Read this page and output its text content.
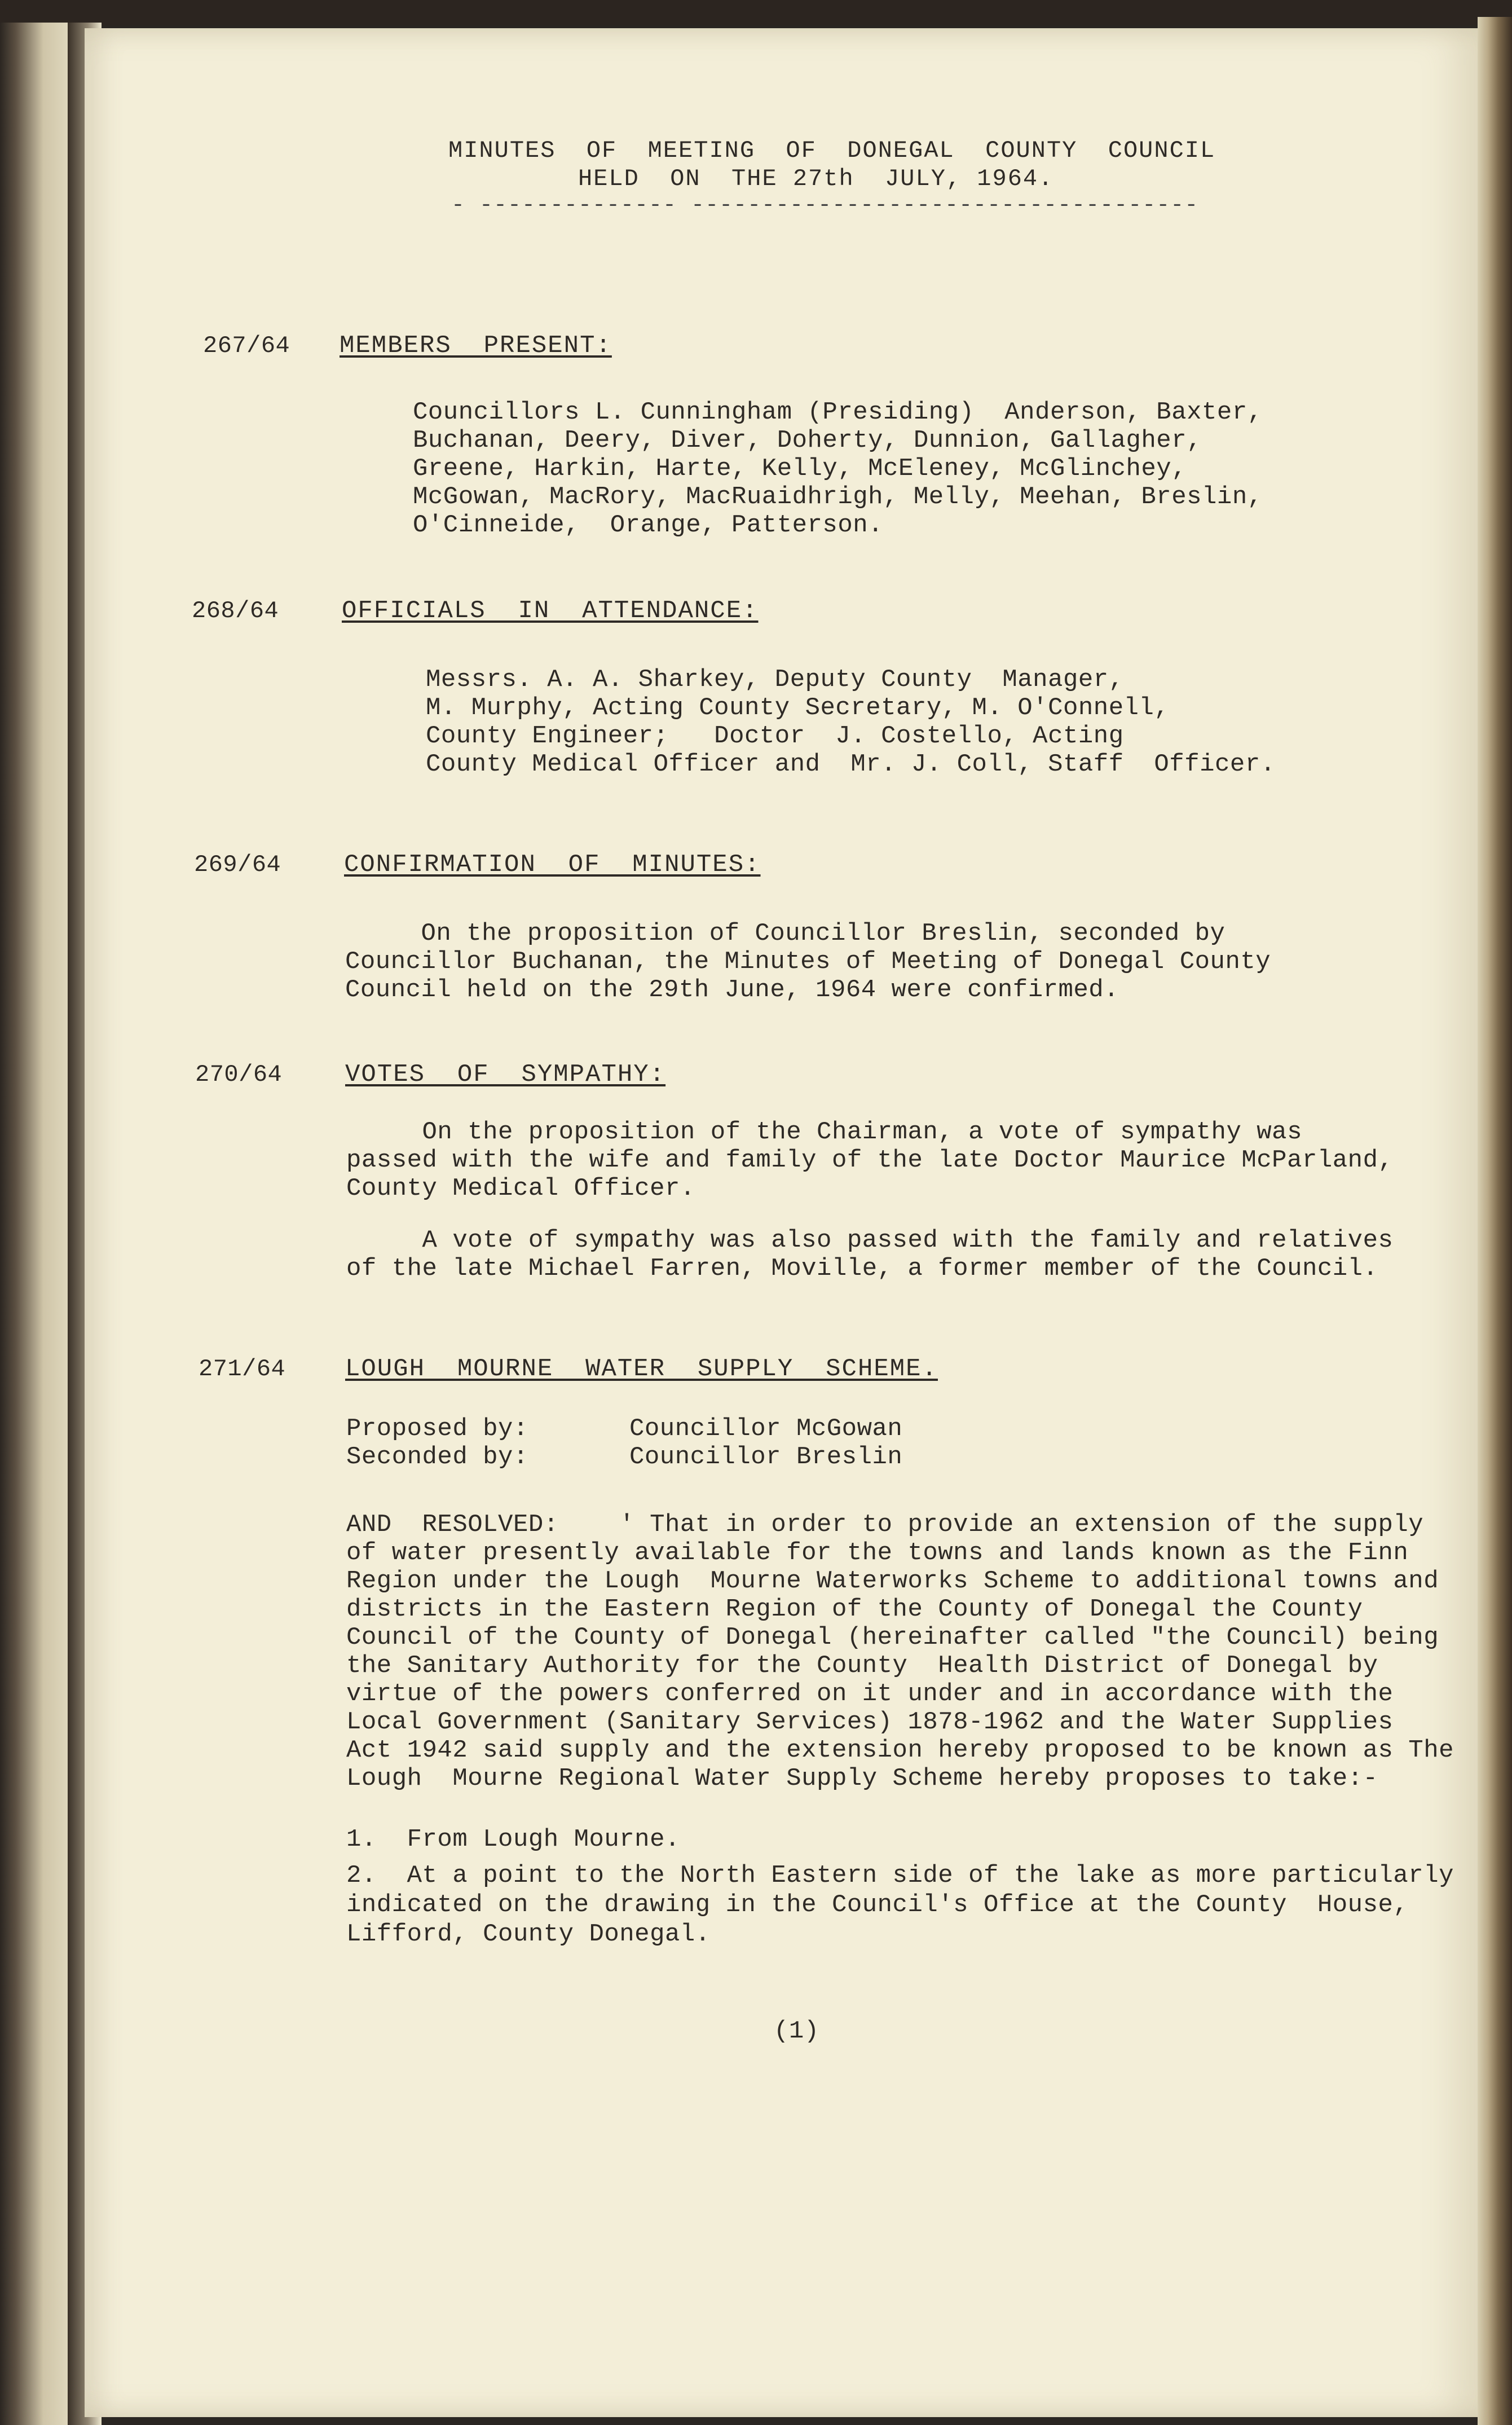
MINUTES  OF  MEETING  OF  DONEGAL  COUNTY  COUNCIL
HELD  ON  THE 27th  JULY, 1964.
- -------------- ------------------------------------
267/64 MEMBERS  PRESENT:
Councillors L. Cunningham (Presiding)  Anderson, Baxter,
Buchanan, Deery, Diver, Doherty, Dunnion, Gallagher,
Greene, Harkin, Harte, Kelly, McEleney, McGlinchey,
McGowan, MacRory, MacRuaidhrigh, Melly, Meehan, Breslin,
O'Cinneide,  Orange, Patterson.
268/64	OFFICIALS  IN  ATTENDANCE:
Messrs. A. A. Sharkey, Deputy County  Manager,
M. Murphy, Acting County Secretary, M. O'Connell,
County Engineer;   Doctor  J. Costello, Acting
County Medical Officer and  Mr. J. Coll, Staff  Officer.
269/64	CONFIRMATION  OF  MINUTES:
On the proposition of Councillor Breslin, seconded by
Councillor Buchanan, the Minutes of Meeting of Donegal County
Council held on the 29th June, 1964 were confirmed.
270/64	VOTES  OF  SYMPATHY:
On the proposition of the Chairman, a vote of sympathy was
passed with the wife and family of the late Doctor Maurice McParland,
County Medical Officer.
A vote of sympathy was also passed with the family and relatives
of the late Michael Farren, Moville, a former member of the Council.
271/64 LOUGH  MOURNE  WATER  SUPPLY  SCHEME.
Proposed by:	Councillor McGowan
Seconded by:	Councillor Breslin
AND  RESOLVED:    ' That in order to provide an extension of the supply
of water presently available for the towns and lands known as the Finn
Region under the Lough  Mourne Waterworks Scheme to additional towns and
districts in the Eastern Region of the County of Donegal the County
Council of the County of Donegal (hereinafter called "the Council) being
the Sanitary Authority for the County  Health District of Donegal by
virtue of the powers conferred on it under and in accordance with the
Local Government (Sanitary Services) 1878-1962 and the Water Supplies
Act 1942 said supply and the extension hereby proposed to be known as The
Lough  Mourne Regional Water Supply Scheme hereby proposes to take:-
1.  From Lough Mourne.
2.  At a point to the North Eastern side of the lake as more particularly
indicated on the drawing in the Council's Office at the County  House,
Lifford, County Donegal.
(1)
